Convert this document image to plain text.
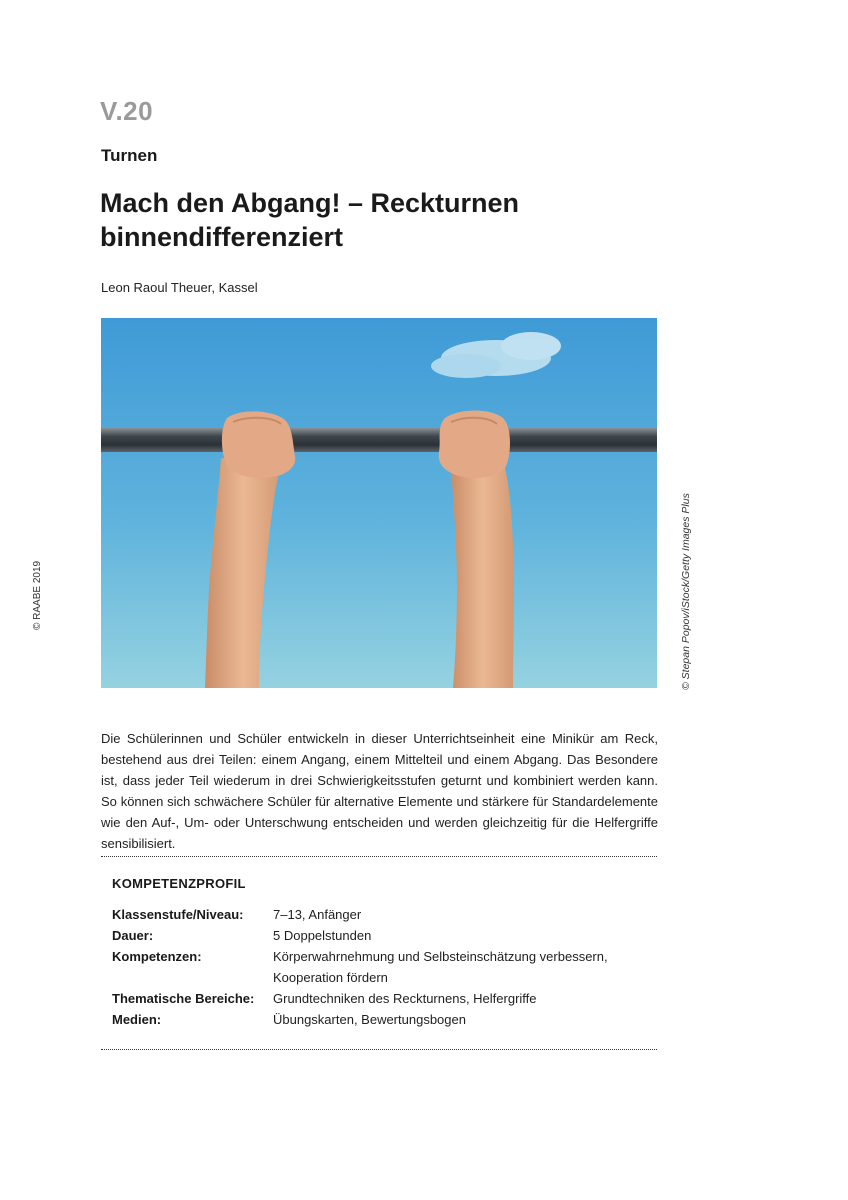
V.20
Turnen
Mach den Abgang! – Reckturnen
binnendifferenziert
Leon Raoul Theuer, Kassel
© RAABE 2019	© Stepan Popov/iStock/Getty Images Plus
Die Schülerinnen und Schüler entwickeln in dieser Unterrichtseinheit eine Minikür am Reck, bestehend aus drei Teilen: einem Angang, einem Mittelteil und einem Abgang. Das Besondere ist, dass jeder Teil wiederum in drei Schwierigkeitsstufen geturnt und kombiniert werden kann. So können sich schwächere Schüler für alternative Elemente und stärkere für Standardelemente wie den Auf-, Um- oder Unterschwung entscheiden und werden gleichzeitig für die Helfergriffe sensibilisiert.
KOMPETENZPROFIL
Klassenstufe/Niveau:	7–13, Anfänger
Dauer:	5 Doppelstunden
Kompetenzen:	Körperwahrnehmung und Selbsteinschätzung verbessern,
Kooperation fördern
Thematische Bereiche:	Grundtechniken des Reckturnens, Helfergriffe
Medien:	Übungskarten, Bewertungsbogen
